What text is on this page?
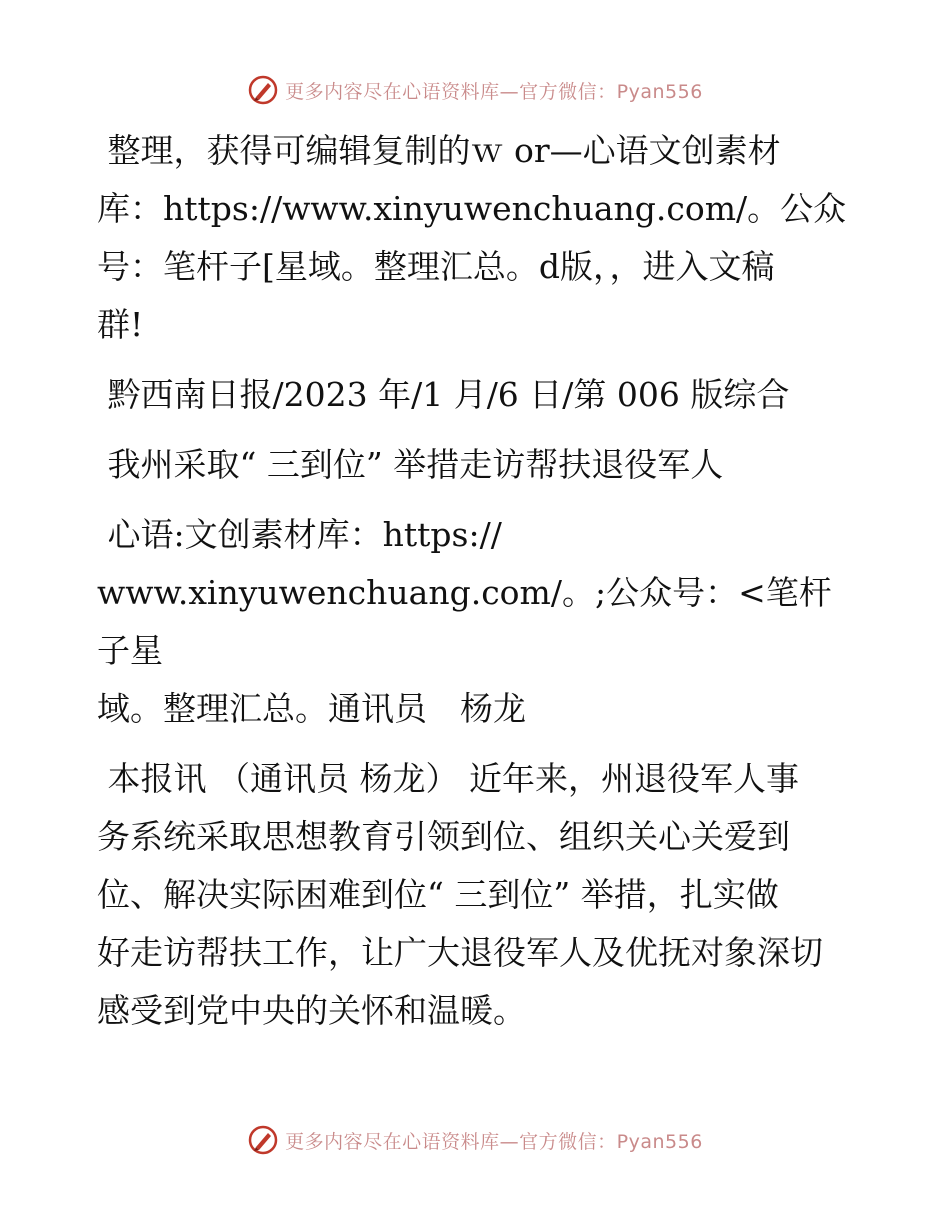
更多内容尽在心语资料库—官方微信：Pyan556

整理，获得可编辑复制的ｗ or—心语文创素材

库：https://www.xinyuwenchuang.com/。公众

号：笔杆子[星域。整理汇总。d版，，进入文稿

群!

黔西南日报/2023 年/1 月/6 日/第 006 版综合

我州采取“ 三到位” 举措走访帮扶退役军人

心语:文创素材库：https://

www.xinyuwenchuang.com/。;公众号：<笔杆子星

域。整理汇总。通讯员　杨龙

本报讯 （通讯员 杨龙） 近年来，州退役军人事

务系统采取思想教育引领到位、组织关心关爱到

位、解决实际困难到位“ 三到位” 举措，扎实做

好走访帮扶工作，让广大退役军人及优抚对象深切

感受到党中央的关怀和温暖。

更多内容尽在心语资料库—官方微信：Pyan556
